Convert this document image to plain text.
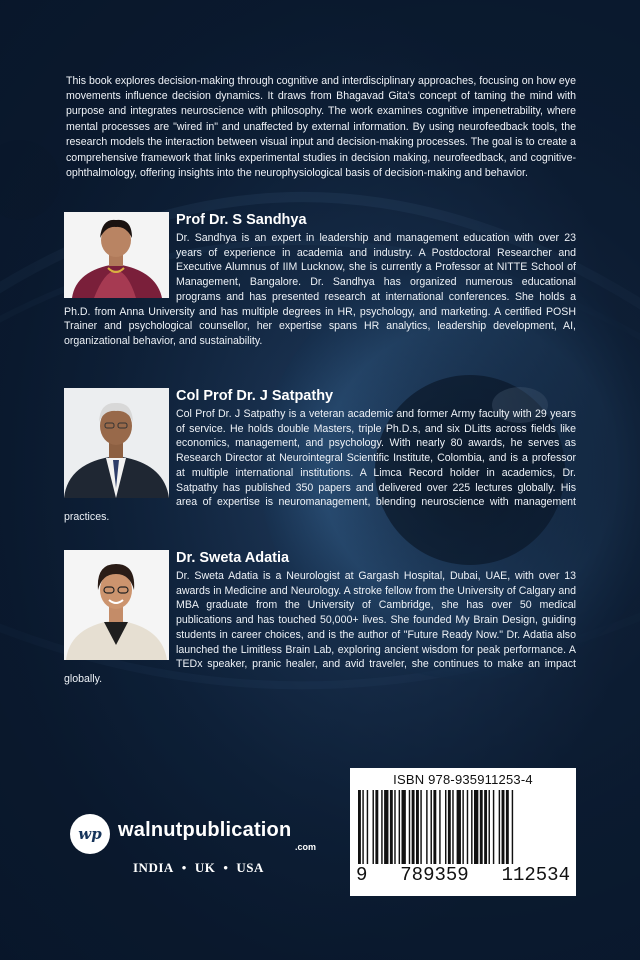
This book explores decision-making through cognitive and interdisciplinary approaches, focusing on how eye movements influence decision dynamics. It draws from Bhagavad Gita's concept of taming the mind with purpose and integrates neuroscience with philosophy. The work examines cognitive impenetrability, where mental processes are "wired in" and unaffected by external information. By using neurofeedback tools, the research models the interaction between visual input and decision-making processes. The goal is to create a comprehensive framework that links experimental studies in decision making, neurofeedback, and cognitive-ophthalmology, offering insights into the neurophysiological basis of decision-making and behavior.

Prof Dr. S Sandhya

Dr. Sandhya is an expert in leadership and management education with over 23 years of experience in academia and industry. A Postdoctoral Researcher and Executive Alumnus of IIM Lucknow, she is currently a Professor at NITTE School of Management, Bangalore. Dr. Sandhya has organized numerous educational programs and has presented research at international conferences. She holds a Ph.D. from Anna University and has multiple degrees in HR, psychology, and marketing. A certified POSH Trainer and psychological counsellor, her expertise spans HR analytics, leadership development, AI, organizational behavior, and sustainability.

Col Prof Dr. J Satpathy

Col Prof Dr. J Satpathy is a veteran academic and former Army faculty with 29 years of service. He holds double Masters, triple Ph.D.s, and six DLitts across fields like economics, management, and psychology. With nearly 80 awards, he serves as Research Director at Neurointegral Scientific Institute, Colombia, and is a professor at multiple international institutions. A Limca Record holder in academics, Dr. Satpathy has published 350 papers and delivered over 225 lectures globally. His area of expertise is neuromanagement, blending neuroscience with management practices.

Dr. Sweta Adatia

Dr. Sweta Adatia is a Neurologist at Gargash Hospital, Dubai, UAE, with over 13 awards in Medicine and Neurology. A stroke fellow from the University of Calgary and MBA graduate from the University of Cambridge, she has over 50 medical publications and has touched 50,000+ lives. She founded My Brain Design, guiding students in career choices, and is the author of "Future Ready Now." Dr. Adatia also launched the Limitless Brain Lab, exploring ancient wisdom for peak performance. A TEDx speaker, pranic healer, and avid traveler, she continues to make an impact globally.

wp walnutpublication
.com
INDIA • UK • USA
ISBN 978-935911253-4
9 789359 112534
